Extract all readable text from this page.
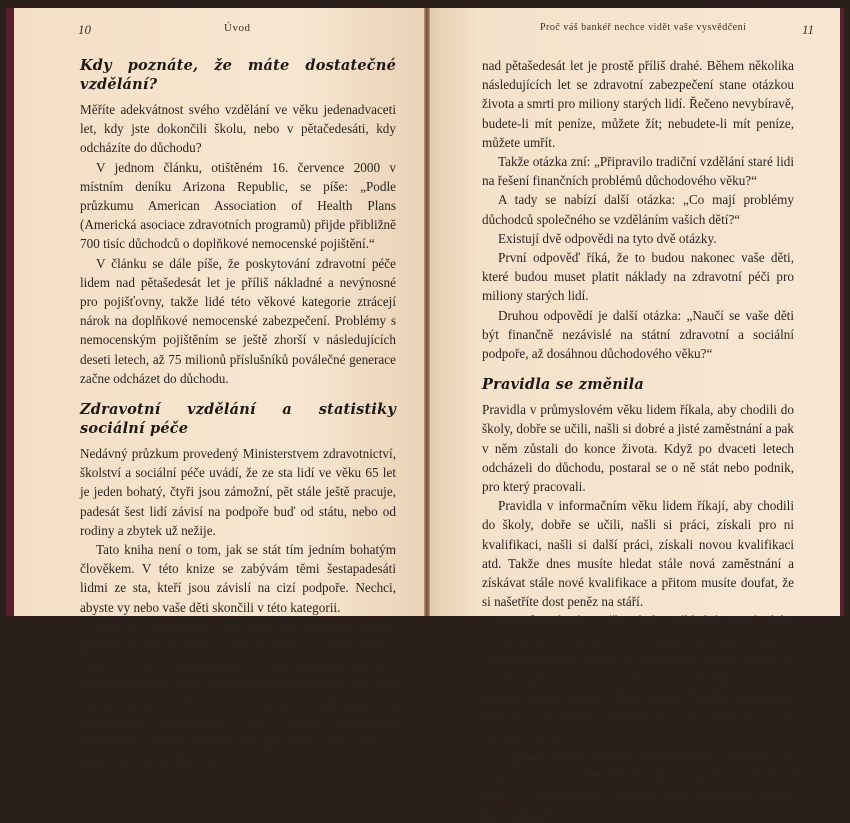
10	Úvod
Kdy poznáte, že máte dostatečné vzdělání?

Měříte adekvátnost svého vzdělání ve věku jedenadvaceti let, kdy jste dokončili školu, nebo v pětačedesáti, kdy odcházíte do důchodu?

V jednom článku, otištěném 16. července 2000 v místním deníku Arizona Republic, se píše: „Podle průzkumu American Association of Health Plans (Americká asociace zdravotních programů) přijde přibližně 700 tisíc důchodců o doplňkové nemocenské pojištění.“

V článku se dále píše, že poskytování zdravotní péče lidem nad pětašedesát let je příliš nákladné a nevýnosné pro pojišťovny, takže lidé této věkové kategorie ztrácejí nárok na doplňkové nemocenské zabezpečení. Problémy s nemocenským pojištěním se ještě zhorší v následujících deseti letech, až 75 milionů příslušníků poválečné generace začne odcházet do důchodu.

Zdravotní vzdělání a statistiky sociální péče

Nedávný průzkum provedený Ministerstvem zdravotnictví, školství a sociální péče uvádí, že ze sta lidí ve věku 65 let je jeden bohatý, čtyři jsou zámožní, pět stále ještě pracuje, padesát šest lidí závisí na podpoře buď od státu, nebo od rodiny a zbytek už nežije.

Tato kniha není o tom, jak se stát tím jedním bohatým člověkem. V této knize se zabývám těmi šestapadesáti lidmi ze sta, kteří jsou závislí na cizí podpoře. Nechci, abyste vy nebo vaše děti skončili v této kategorii.

Lidé mi často říkají: „Až půjdu do důchodu, nebudu potřebovat tolik peněz, protože moje životní náklady budou nižší.“ Ačkoli je pravda, že životní náklady v důchodovém věku mohou být nižší, náklady na lékařskou péči se často dramaticky zvýší. Z toho důvodu přestávají organizace zdravotního zabezpečení (tzv. HMO) poskytovat důchodcům doplňkové zdravotní pojištění. Jinými slovy, zdravotní pojištění pro lidi

Proč váš bankéř nechce vidět vaše vysvědčení	11

nad pětašedesát let je prostě příliš drahé. Během několika následujících let se zdravotní zabezpečení stane otázkou života a smrti pro miliony starých lidí. Řečeno nevybíravě, budete-li mít peníze, můžete žít; nebudete-li mít peníze, můžete umřít.

Takže otázka zní: „Připravilo tradiční vzdělání staré lidi na řešení finančních problémů důchodového věku?“

A tady se nabízí další otázka: „Co mají problémy důchodců společného se vzděláním vašich dětí?“

Existují dvě odpovědi na tyto dvě otázky.

První odpověď říká, že to budou nakonec vaše děti, které budou muset platit náklady na zdravotní péči pro miliony starých lidí.

Druhou odpovědí je další otázka: „Naučí se vaše děti být finančně nezávislé na státní zdravotní a sociální podpoře, až dosáhnou důchodového věku?“

Pravidla se změnila

Pravidla v průmyslovém věku lidem říkala, aby chodili do školy, dobře se učili, našli si dobré a jisté zaměstnání a pak v něm zůstali do konce života. Když po dvaceti letech odcházeli do důchodu, postaral se o ně stát nebo podnik, pro který pracovali.

Pravidla v informačním věku lidem říkají, aby chodili do školy, dobře se učili, našli si práci, získali pro ni kvalifikaci, našli si další práci, získali novou kvalifikaci atd. Takže dnes musíte hledat stále nová zaměstnání a získávat stále nové kvalifikace a přitom musíte doufat, že si našetříte dost peněz na stáří.

V průmyslovém věku byla základní teorií doby Einsteinova rovnice E = mc². Základní teorií informačního věku je Mooreův zákon, z něj vychází dnešní názor, že množství informací se zdvojnásobí každých osmnáct měsíců. Jinými slovy, chcete-li držet krok s neustálými změnami, musíte se každých osmnáct měsíců naučit všechno znovu.

V průmyslovém věku se všechno měnilo pomaleji. To, co jste se naučili ve škole, mělo platnost poměrně dlouhou dobu. V informačním věku se vaše vědomosti stávají zastaralými vel-
